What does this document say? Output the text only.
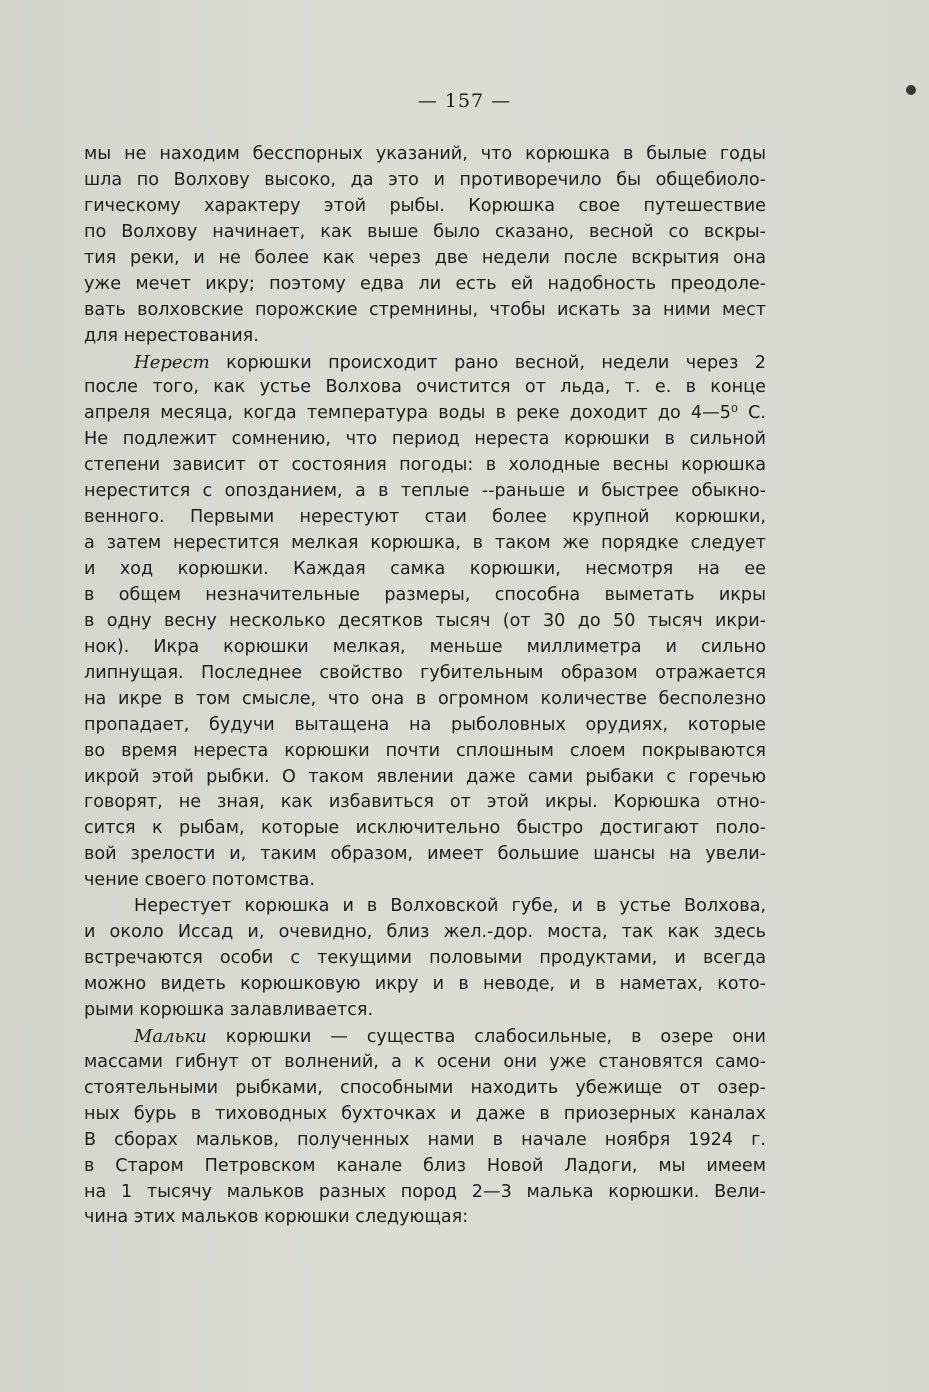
— 157 —
мы не находим бесспорных указаний, что корюшка в былые годы
шла по Волхову высоко, да это и противоречило бы общебиоло-
гическому характеру этой рыбы. Корюшка свое путешествие
по Волхову начинает, как выше было сказано, весной со вскры-
тия реки, и не более как через две недели после вскрытия она
уже мечет икру; поэтому едва ли есть ей надобность преодоле-
вать волховские порожские стремнины, чтобы искать за ними мест
для нерестования.
Нерест корюшки происходит рано весной, недели через 2
после того, как устье Волхова очистится от льда, т. е. в конце
апреля месяца, когда температура воды в реке доходит до 4—5⁰ С.
Не подлежит сомнению, что период нереста корюшки в сильной
степени зависит от состояния погоды: в холодные весны корюшка
нерестится с опозданием, а в теплые --раньше и быстрее обыкно-
венного. Первыми нерестуют стаи более крупной корюшки,
а затем нерестится мелкая корюшка, в таком же порядке следует
и ход корюшки. Каждая самка корюшки, несмотря на ее
в общем незначительные размеры, способна выметать икры
в одну весну несколько десятков тысяч (от 30 до 50 тысяч икри-
нок). Икра корюшки мелкая, меньше миллиметра и сильно
липнущая. Последнее свойство губительным образом отражается
на икре в том смысле, что она в огромном количестве бесполезно
пропадает, будучи вытащена на рыболовных орудиях, которые
во время нереста корюшки почти сплошным слоем покрываются
икрой этой рыбки. О таком явлении даже сами рыбаки с горечью
говорят, не зная, как избавиться от этой икры. Корюшка отно-
сится к рыбам, которые исключительно быстро достигают поло-
вой зрелости и, таким образом, имеет большие шансы на увели-
чение своего потомства.
Нерестует корюшка и в Волховской губе, и в устье Волхова,
и около Иссад и, очевидно, близ жел.-дор. моста, так как здесь
встречаются особи с текущими половыми продуктами, и всегда
можно видеть корюшковую икру и в неводе, и в наметах, кото-
рыми корюшка залавливается.
Мальки корюшки — существа слабосильные, в озере они
массами гибнут от волнений, а к осени они уже становятся само-
стоятельными рыбками, способными находить убежище от озер-
ных бурь в тиховодных бухточках и даже в приозерных каналах
В сборах мальков, полученных нами в начале ноября 1924 г.
в Старом Петровском канале близ Новой Ладоги, мы имеем
на 1 тысячу мальков разных пород 2—3 малька корюшки. Вели-
чина этих мальков корюшки следующая:
